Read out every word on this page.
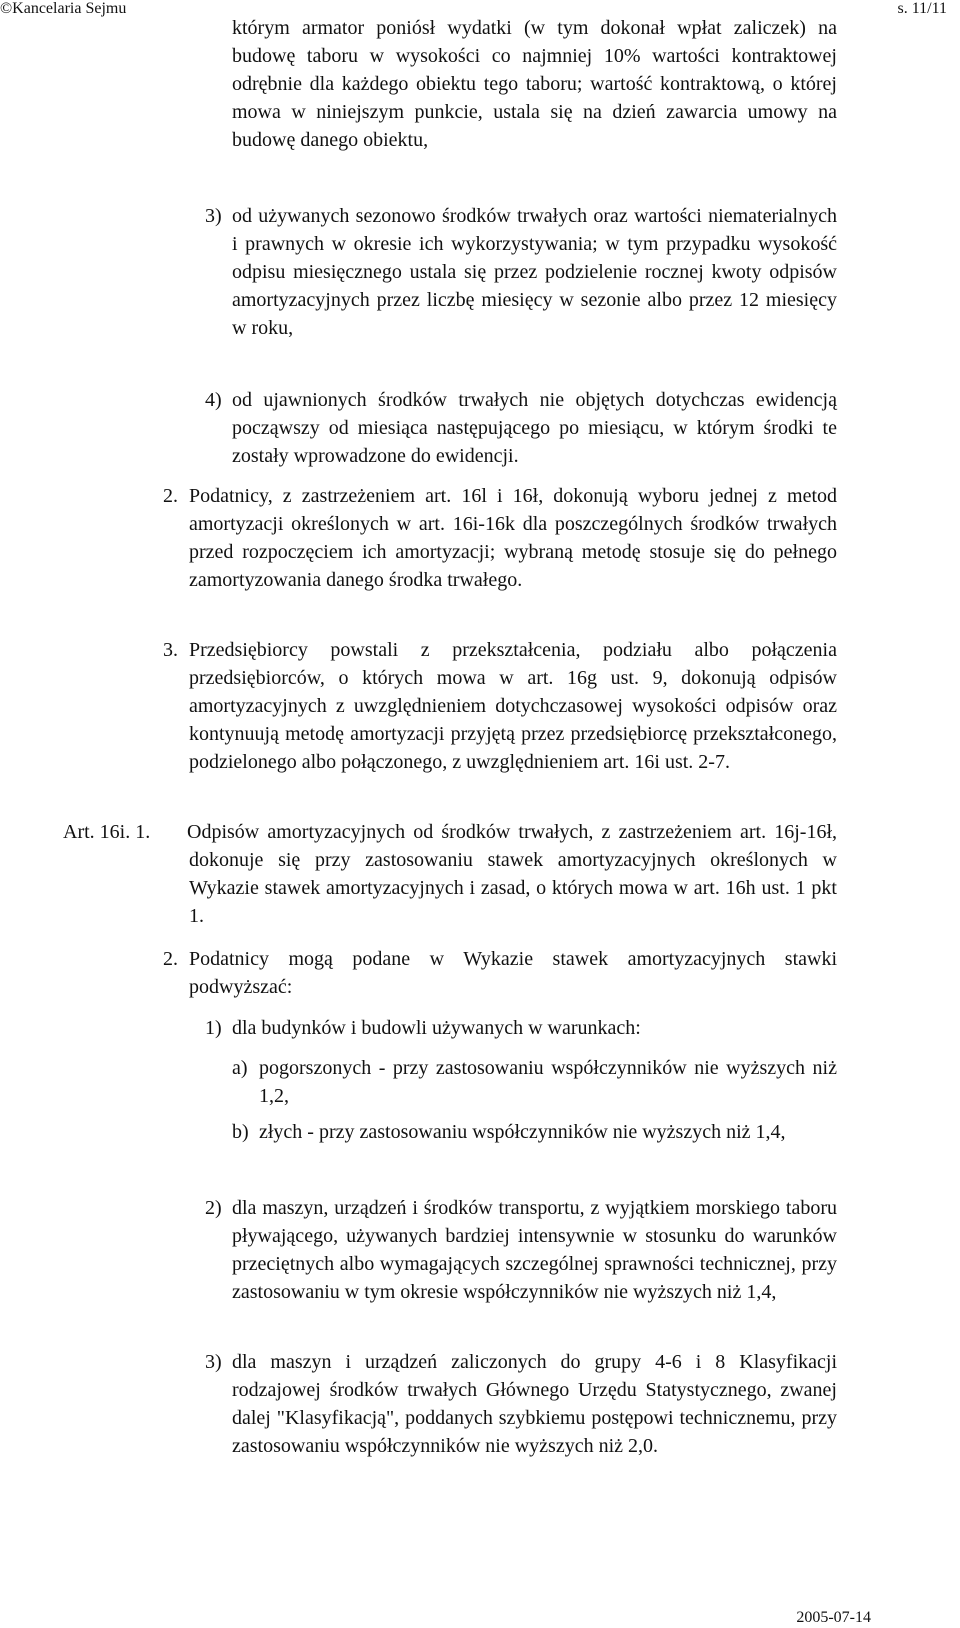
©Kancelaria Sejmu	s. 11/11

którym armator poniósł wydatki (w tym dokonał wpłat zaliczek) na budowę taboru w wysokości co najmniej 10% wartości kontraktowej odrębnie dla każdego obiektu tego taboru; wartość kontraktową, o której mowa w niniejszym punkcie, ustala się na dzień zawarcia umowy na budowę danego obiektu,

3) od używanych sezonowo środków trwałych oraz wartości niematerialnych i prawnych w okresie ich wykorzystywania; w tym przypadku wysokość odpisu miesięcznego ustala się przez podzielenie rocznej kwoty odpisów amortyzacyjnych przez liczbę miesięcy w sezonie albo przez 12 miesięcy w roku,

4) od ujawnionych środków trwałych nie objętych dotychczas ewidencją począwszy od miesiąca następującego po miesiącu, w którym środki te zostały wprowadzone do ewidencji.

2. Podatnicy, z zastrzeżeniem art. 16l i 16ł, dokonują wyboru jednej z metod amortyzacji określonych w art. 16i-16k dla poszczególnych środków trwałych przed rozpoczęciem ich amortyzacji; wybraną metodę stosuje się do pełnego zamortyzowania danego środka trwałego.

3. Przedsiębiorcy powstali z przekształcenia, podziału albo połączenia przedsiębiorców, o których mowa w art. 16g ust. 9, dokonują odpisów amortyzacyjnych z uwzględnieniem dotychczasowej wysokości odpisów oraz kontynuują metodę amortyzacji przyjętą przez przedsiębiorcę przekształconego, podzielonego albo połączonego, z uwzględnieniem art. 16i ust. 2-7.

Art. 16i. 1. Odpisów amortyzacyjnych od środków trwałych, z zastrzeżeniem art. 16j-16ł, dokonuje się przy zastosowaniu stawek amortyzacyjnych określonych w Wykazie stawek amortyzacyjnych i zasad, o których mowa w art. 16h ust. 1 pkt 1.

2. Podatnicy mogą podane w Wykazie stawek amortyzacyjnych stawki podwyższać:

1) dla budynków i budowli używanych w warunkach:

a) pogorszonych - przy zastosowaniu współczynników nie wyższych niż 1,2,

b) złych - przy zastosowaniu współczynników nie wyższych niż 1,4,

2) dla maszyn, urządzeń i środków transportu, z wyjątkiem morskiego taboru pływającego, używanych bardziej intensywnie w stosunku do warunków przeciętnych albo wymagających szczególnej sprawności technicznej, przy zastosowaniu w tym okresie współczynników nie wyższych niż 1,4,

3) dla maszyn i urządzeń zaliczonych do grupy 4-6 i 8 Klasyfikacji rodzajowej środków trwałych Głównego Urzędu Statystycznego, zwanej dalej "Klasyfikacją", poddanych szybkiemu postępowi technicznemu, przy zastosowaniu współczynników nie wyższych niż 2,0.

2005-07-14
